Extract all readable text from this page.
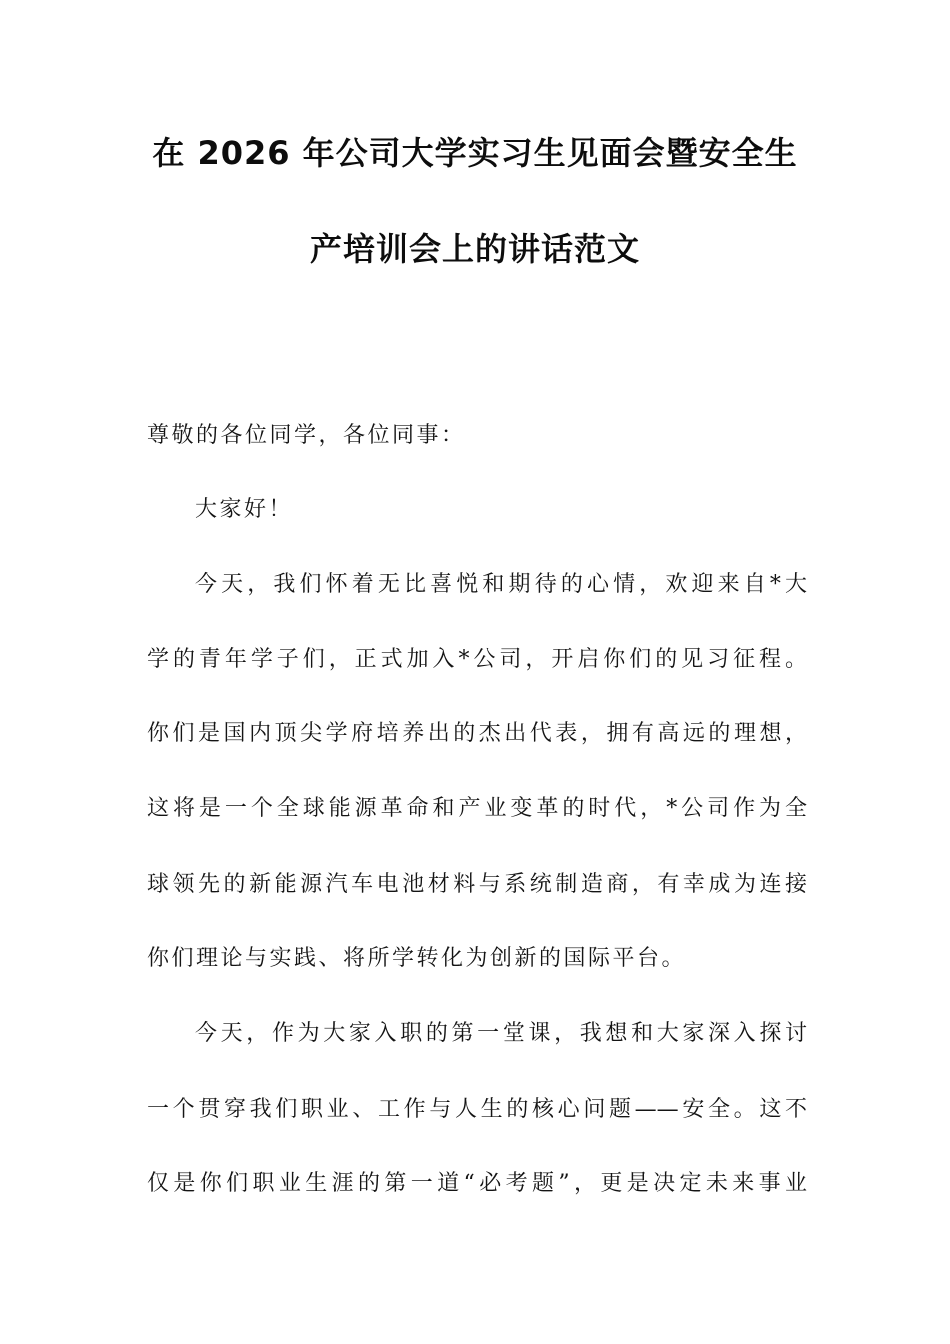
在 2026 年公司大学实习生见面会暨安全生
产培训会上的讲话范文
尊敬的各位同学，各位同事：
大家好！
今天，我们怀着无比喜悦和期待的心情，欢迎来自*大
学的青年学子们，正式加入*公司，开启你们的见习征程。
你们是国内顶尖学府培养出的杰出代表，拥有高远的理想，
这将是一个全球能源革命和产业变革的时代，*公司作为全
球领先的新能源汽车电池材料与系统制造商，有幸成为连接
你们理论与实践、将所学转化为创新的国际平台。
今天，作为大家入职的第一堂课，我想和大家深入探讨
一个贯穿我们职业、工作与人生的核心问题——安全。这不
仅是你们职业生涯的第一道“必考题”，更是决定未来事业
